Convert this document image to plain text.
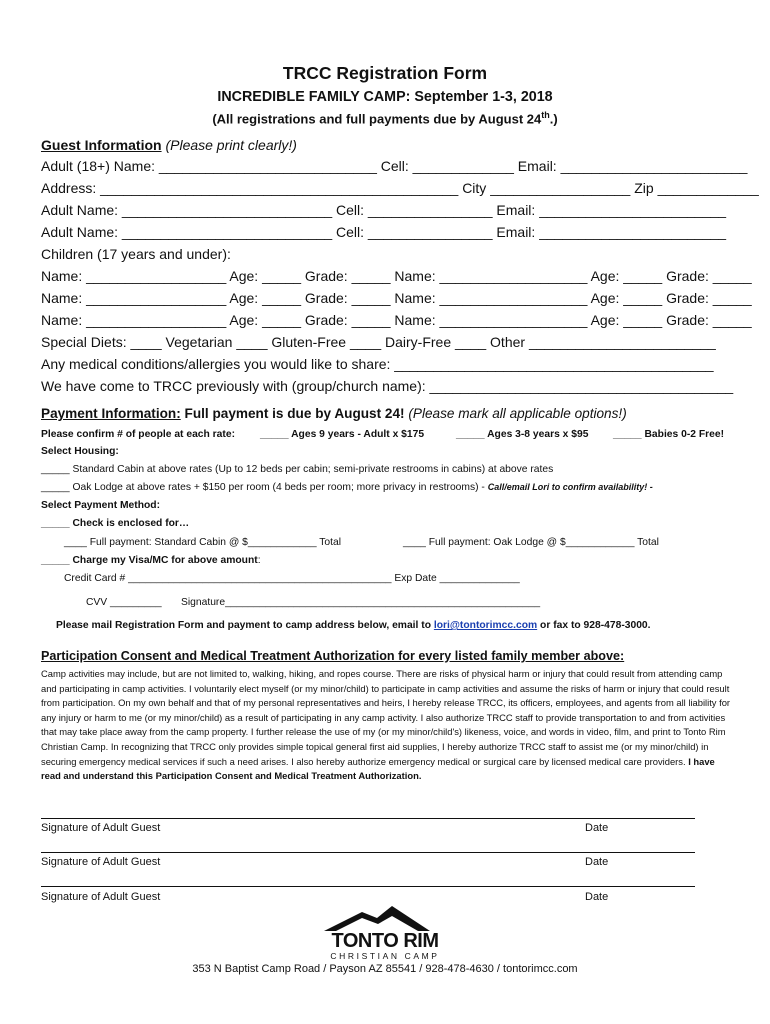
TRCC Registration Form
INCREDIBLE FAMILY CAMP: September 1-3, 2018
(All registrations and full payments due by August 24th.)
Guest Information (Please print clearly!)
Adult (18+) Name: ____________________________ Cell: _____________ Email: ________________________
Address: ______________________________________________ City __________________ Zip _____________
Adult Name: ___________________________ Cell: ________________ Email: ________________________
Adult Name: ___________________________ Cell: ________________ Email: ________________________
Children (17 years and under):
Name: __________________ Age: _____ Grade: _____ Name: ___________________ Age: _____ Grade: _____
Name: __________________ Age: _____ Grade: _____ Name: ___________________ Age: _____ Grade: _____
Name: __________________ Age: _____ Grade: _____ Name: ___________________ Age: _____ Grade: _____
Special Diets: ____ Vegetarian ____ Gluten-Free ____ Dairy-Free ____ Other ________________________
Any medical conditions/allergies you would like to share: _________________________________________
We have come to TRCC previously with (group/church name): _______________________________________
Payment Information: Full payment is due by August 24! (Please mark all applicable options!)
Please confirm # of people at each rate: _____ Ages 9 years - Adult x $175	_____ Ages 3-8 years x $95 _____ Babies 0-2 Free!
Select Housing:
_____ Standard Cabin at above rates (Up to 12 beds per cabin; semi-private restrooms in cabins) at above rates
_____ Oak Lodge at above rates + $150 per room (4 beds per room; more privacy in restrooms) - Call/email Lori to confirm availability! -
Select Payment Method:
_____ Check is enclosed for…
____ Full payment: Standard Cabin @ $____________ Total	____ Full payment: Oak Lodge @ $____________ Total
_____ Charge my Visa/MC for above amount:
Credit Card # ______________________________________________ Exp Date ______________
CVV _________ Signature_______________________________________________________
Please mail Registration Form and payment to camp address below, email to lori@tontorimcc.com or fax to 928-478-3000.
Participation Consent and Medical Treatment Authorization for every listed family member above:

Camp activities may include, but are not limited to, walking, hiking, and ropes course. There are risks of physical harm or injury that could result from attending camp and participating in camp activities. I voluntarily elect myself (or my minor/child) to participate in camp activities and assume the risks of harm or injury that could result from participation. On my own behalf and that of my personal representatives and heirs, I hereby release TRCC, its officers, employees, and agents from all liability for any injury or harm to me (or my minor/child) as a result of participating in any camp activity. I also authorize TRCC staff to provide transportation to and from activities that may take place away from the camp property. I further release the use of my (or my minor/child's) likeness, voice, and words in video, film, and print to Tonto Rim Christian Camp. In recognizing that TRCC only provides simple topical general first aid supplies, I hereby authorize TRCC staff to assist me (or my minor/child) in securing emergency medical services if such a need arises. I also hereby authorize emergency medical or surgical care by licensed medical care providers. I have read and understand this Participation Consent and Medical Treatment Authorization.

Signature of Adult Guest	Date
Signature of Adult Guest	Date
Signature of Adult Guest	Date
TONTO RIM
CHRISTIAN CAMP
353 N Baptist Camp Road / Payson AZ 85541 / 928-478-4630 / tontorimcc.com
